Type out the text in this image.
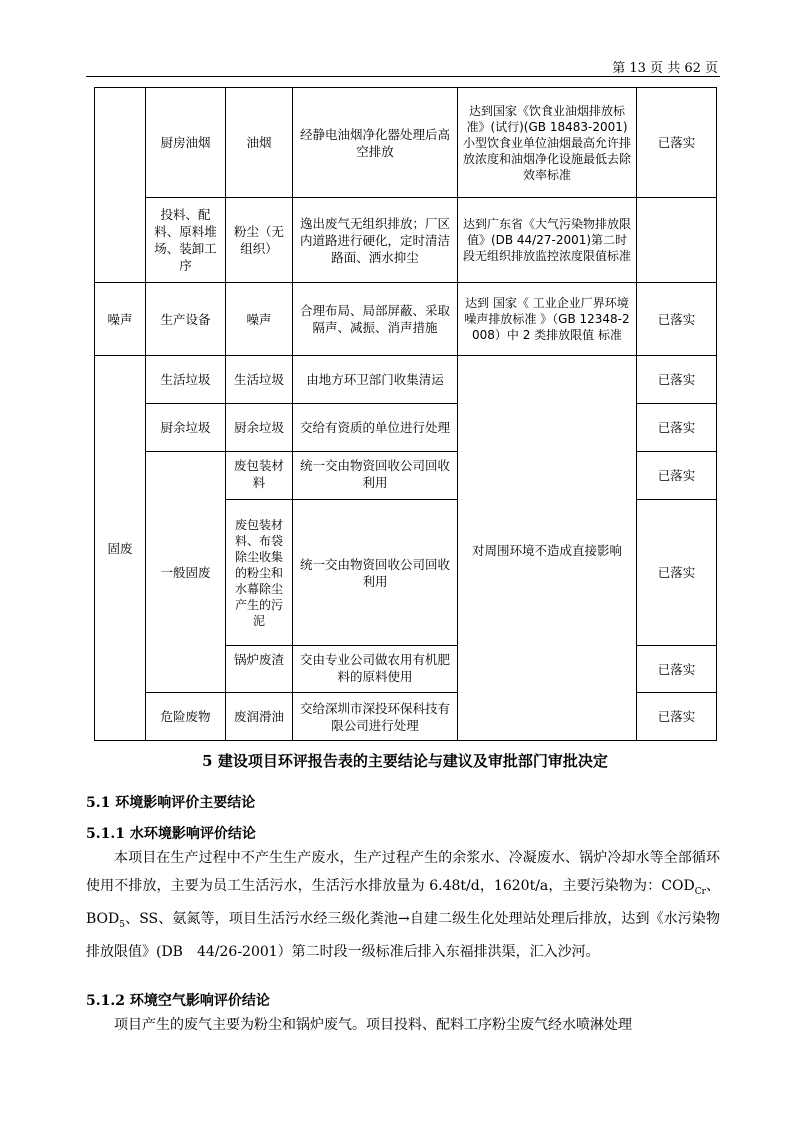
第 13 页 共 62 页
	厨房油烟	油烟	经静电油烟净化器处理后高空排放	达到国家《饮食业油烟排放标准》(试行)(GB 18483-2001)小型饮食业单位油烟最高允许排放浓度和油烟净化设施最低去除效率标准	已落实
	投料、配料、原料堆场、装卸工序	粉尘（无组织）	逸出废气无组织排放；厂区内道路进行硬化，定时清洁路面、洒水抑尘	达到广东省《大气污染物排放限值》(DB 44/27-2001)第二时段无组织排放监控浓度限值标准	
噪声	生产设备	噪声	合理布局、局部屏蔽、采取隔声、减振、消声措施	达到 国家《 工业企业厂界环境噪声排放标准 》（GB 12348-2008）中 2 类排放限值 标准	已落实
固废	生活垃圾	生活垃圾	由地方环卫部门收集清运	对周围环境不造成直接影响	已落实
	厨余垃圾	厨余垃圾	交给有资质的单位进行处理		已落实
	一般固废	废包装材料	统一交由物资回收公司回收利用		已落实
		废包装材料、布袋除尘收集的粉尘和水幕除尘产生的污泥	统一交由物资回收公司回收利用		已落实
		锅炉废渣	交由专业公司做农用有机肥料的原料使用		已落实
	危险废物	废润滑油	交给深圳市深投环保科技有限公司进行处理		已落实
5 建设项目环评报告表的主要结论与建议及审批部门审批决定
5.1 环境影响评价主要结论
5.1.1 水环境影响评价结论

本项目在生产过程中不产生生产废水，生产过程产生的余浆水、冷凝废水、锅炉冷却水等全部循环使用不排放，主要为员工生活污水，生活污水排放量为 6.48t/d，1620t/a，主要污染物为：$COD_{Cr}$、$BOD_5$、SS、氨氮等，项目生活污水经三级化粪池→自建二级生化处理站处理后排放，达到《水污染物排放限值》(DB　44/26-2001）第二时段一级标准后排入东福排洪渠，汇入沙河。

5.1.2 环境空气影响评价结论

项目产生的废气主要为粉尘和锅炉废气。项目投料、配料工序粉尘废气经水喷淋处理
